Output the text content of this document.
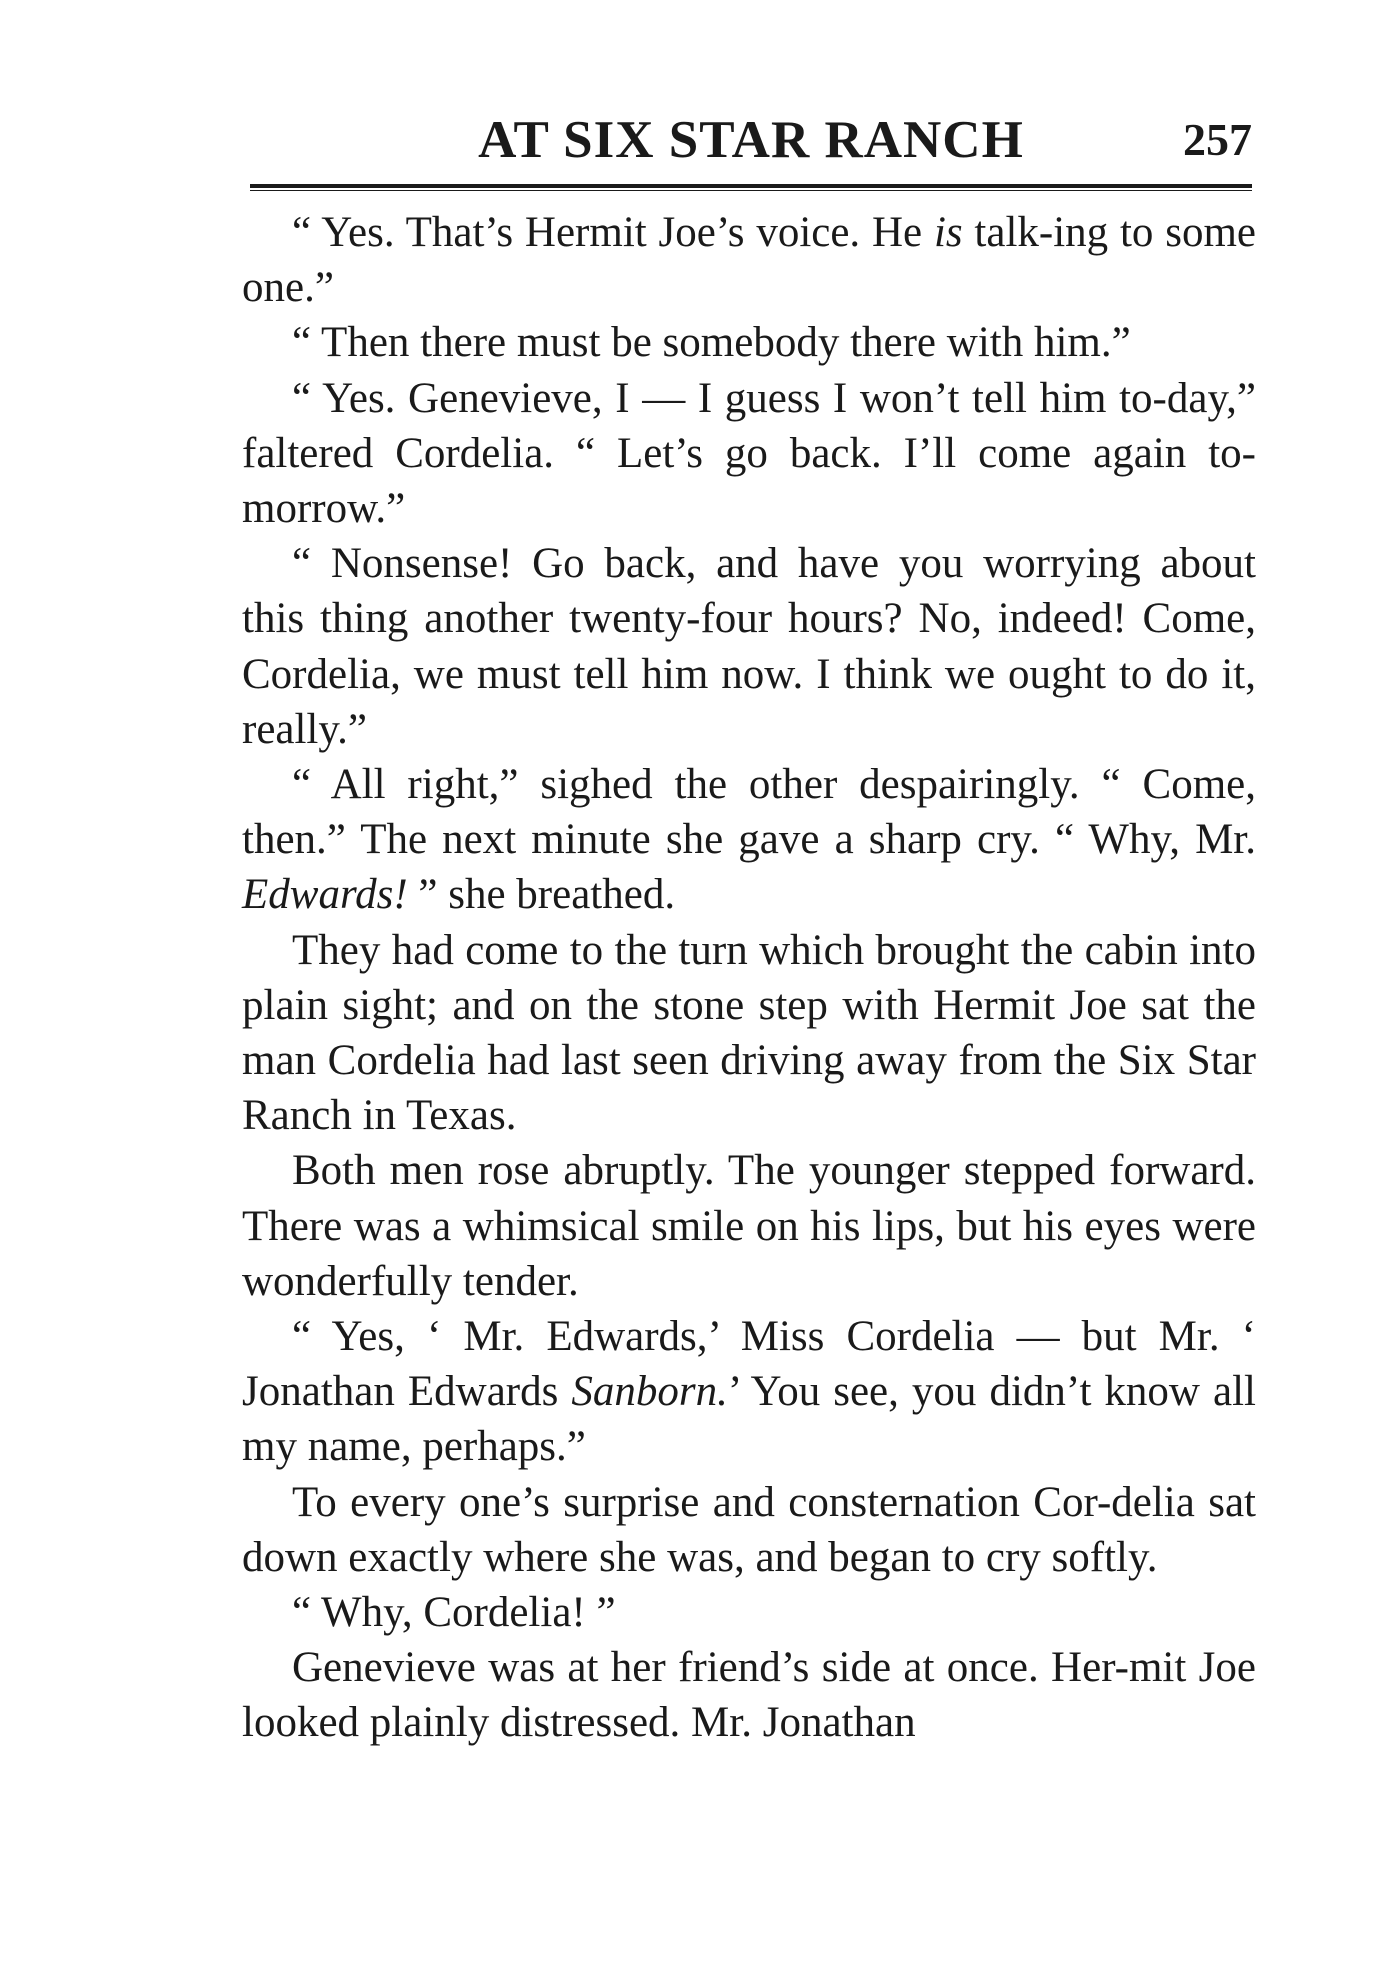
AT SIX STAR RANCH	257

“ Yes. That’s Hermit Joe’s voice. He is talk-ing to some one.”

“ Then there must be somebody there with him.”

“ Yes. Genevieve, I — I guess I won’t tell him to-day,” faltered Cordelia. “ Let’s go back. I’ll come again to-morrow.”

“ Nonsense! Go back, and have you worrying about this thing another twenty-four hours? No, indeed! Come, Cordelia, we must tell him now. I think we ought to do it, really.”

“ All right,” sighed the other despairingly. “ Come, then.” The next minute she gave a sharp cry. “ Why, Mr. Edwards! ” she breathed.

They had come to the turn which brought the cabin into plain sight; and on the stone step with Hermit Joe sat the man Cordelia had last seen driving away from the Six Star Ranch in Texas.

Both men rose abruptly. The younger stepped forward. There was a whimsical smile on his lips, but his eyes were wonderfully tender.

“ Yes, ‘ Mr. Edwards,’ Miss Cordelia — but Mr. ‘ Jonathan Edwards Sanborn.’ You see, you didn’t know all my name, perhaps.”

To every one’s surprise and consternation Cor-delia sat down exactly where she was, and began to cry softly.

“ Why, Cordelia! ”

Genevieve was at her friend’s side at once. Her-mit Joe looked plainly distressed. Mr. Jonathan
